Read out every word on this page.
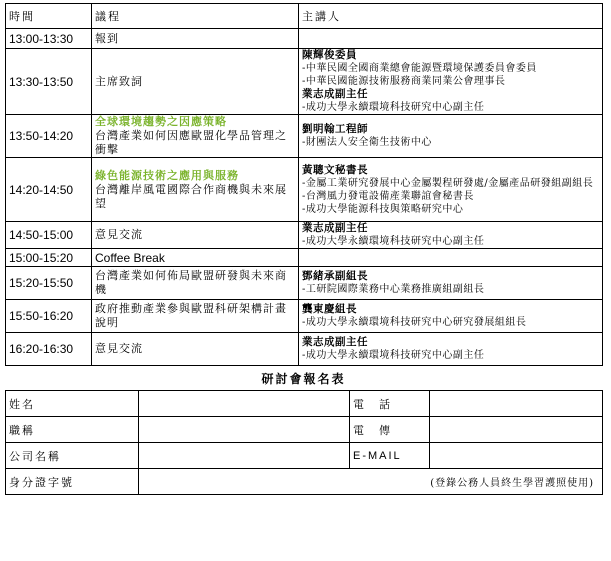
時間	議程	主講人
13:00-13:30	報到	

13:30-13:50	主席致詞	陳輝俊委員
-中華民國全國商業總會能源暨環境保護委員會委員
-中華民國能源技術服務商業同業公會理事長
業志成副主任
-成功大學永續環境科技研究中心副主任

13:50-14:20	全球環境趨勢之因應策略
台灣產業如何因應歐盟化學品管理之衝擊	劉明翰工程師
-財團法人安全衛生技術中心

14:20-14:50	綠色能源技術之應用與服務
台灣離岸風電國際合作商機與未來展望	黃聰文秘書長
-金屬工業研究發展中心金屬製程研發處/金屬產品研發組副組長
-台灣風力發電設備產業聯誼會秘書長
-成功大學能源科技與策略研究中心

14:50-15:00	意見交流	業志成副主任
-成功大學永續環境科技研究中心副主任

15:00-15:20	Coffee Break	

15:20-15:50	台灣產業如何佈局歐盟研發與未來商機	鄧緒承副組長
-工研院國際業務中心業務推廣組副組長

15:50-16:20	政府推動產業參與歐盟科研架構計畫說明	龔東慶組長
-成功大學永續環境科技研究中心研究發展組組長

16:20-16:30	意見交流	業志成副主任
-成功大學永續環境科技研究中心副主任
研討會報名表
姓名		電　話	
職稱		電　傳	
公司名稱		E-MAIL	
身分證字號	(登錄公務人員終生學習護照使用)		
